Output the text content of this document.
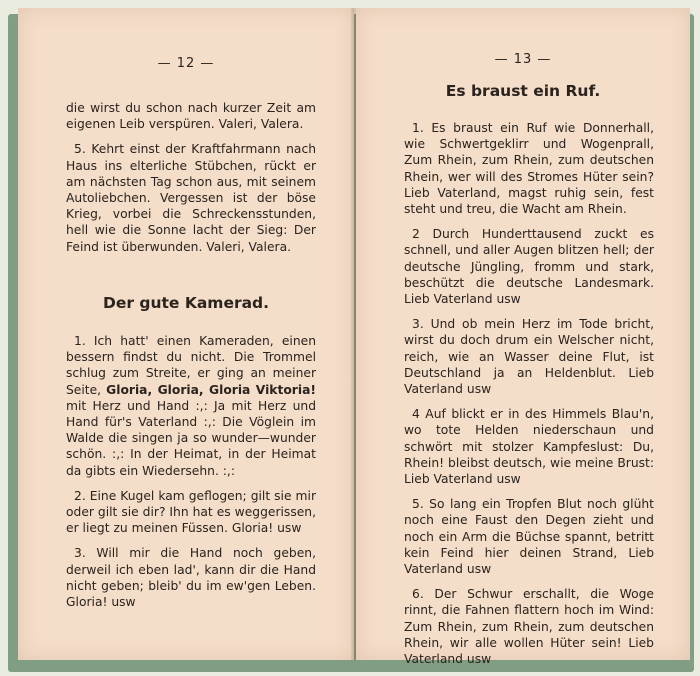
— 12 —

die wirst du schon nach kurzer Zeit am eigenen Leib verspüren. Valeri, Valera.

5. Kehrt einst der Kraftfahrmann nach Haus ins elterliche Stübchen, rückt er am nächsten Tag schon aus, mit seinem Autoliebchen. Vergessen ist der böse Krieg, vorbei die Schreckensstunden, hell wie die Sonne lacht der Sieg: Der Feind ist überwunden. Valeri, Valera.

Der gute Kamerad.

1. Ich hatt' einen Kameraden, einen bessern findst du nicht. Die Trommel schlug zum Streite, er ging an meiner Seite, Gloria, Gloria, Gloria Viktoria! mit Herz und Hand :,: Ja mit Herz und Hand für's Vaterland :,: Die Vöglein im Walde die singen ja so wunder—wunder schön. :,: In der Heimat, in der Heimat da gibts ein Wiedersehn. :,:

2. Eine Kugel kam geflogen; gilt sie mir oder gilt sie dir? Ihn hat es weggerissen, er liegt zu meinen Füssen. Gloria! usw

3. Will mir die Hand noch geben, derweil ich eben lad', kann dir die Hand nicht geben; bleib' du im ew'gen Leben. Gloria! usw

— 13 —
Es braust ein Ruf.

1. Es braust ein Ruf wie Donnerhall, wie Schwertgeklirr und Wogenprall, Zum Rhein, zum Rhein, zum deutschen Rhein, wer will des Stromes Hüter sein? Lieb Vaterland, magst ruhig sein, fest steht und treu, die Wacht am Rhein.

2 Durch Hunderttausend zuckt es schnell, und aller Augen blitzen hell; der deutsche Jüngling, fromm und stark, beschützt die deutsche Landesmark. Lieb Vaterland usw

3. Und ob mein Herz im Tode bricht, wirst du doch drum ein Welscher nicht, reich, wie an Wasser deine Flut, ist Deutschland ja an Heldenblut. Lieb Vaterland usw

4 Auf blickt er in des Himmels Blau'n, wo tote Helden niederschaun und schwört mit stolzer Kampfeslust: Du, Rhein! bleibst deutsch, wie meine Brust: Lieb Vaterland usw

5. So lang ein Tropfen Blut noch glüht noch eine Faust den Degen zieht und noch ein Arm die Büchse spannt, betritt kein Feind hier deinen Strand, Lieb Vaterland usw

6. Der Schwur erschallt, die Woge rinnt, die Fahnen flattern hoch im Wind: Zum Rhein, zum Rhein, zum deutschen Rhein, wir alle wollen Hüter sein! Lieb Vaterland usw
